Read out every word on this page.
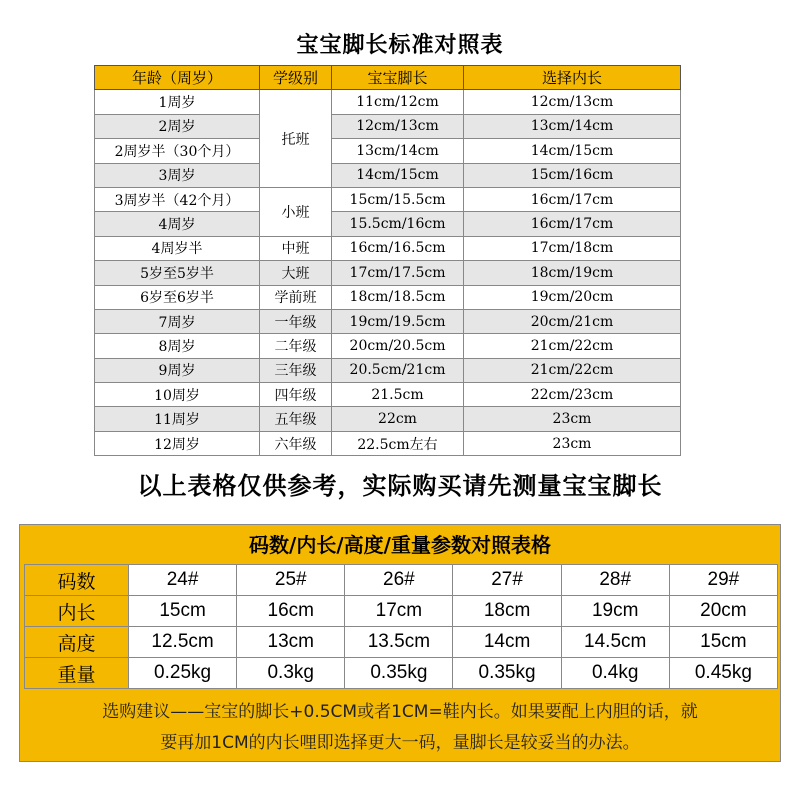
宝宝脚长标准对照表
年龄（周岁）	学级别	宝宝脚长	选择内长
1周岁	托班	11cm/12cm	12cm/13cm
2周岁		12cm/13cm	13cm/14cm
2周岁半（30个月）		13cm/14cm	14cm/15cm
3周岁		14cm/15cm	15cm/16cm
3周岁半（42个月）	小班	15cm/15.5cm	16cm/17cm
4周岁		15.5cm/16cm	16cm/17cm
4周岁半	中班	16cm/16.5cm	17cm/18cm
5岁至5岁半	大班	17cm/17.5cm	18cm/19cm
6岁至6岁半	学前班	18cm/18.5cm	19cm/20cm
7周岁	一年级	19cm/19.5cm	20cm/21cm
8周岁	二年级	20cm/20.5cm	21cm/22cm
9周岁	三年级	20.5cm/21cm	21cm/22cm
10周岁	四年级	21.5cm	22cm/23cm
11周岁	五年级	22cm	23cm
12周岁	六年级	22.5cm左右	23cm
以上表格仅供参考，实际购买请先测量宝宝脚长
码数/内长/高度/重量参数对照表格
码数	24#	25#	26#	27#	28#	29#
内长	15cm	16cm	17cm	18cm	19cm	20cm
高度	12.5cm	13cm	13.5cm	14cm	14.5cm	15cm
重量	0.25kg	0.3kg	0.35kg	0.35kg	0.4kg	0.45kg
选购建议——宝宝的脚长+0.5CM或者1CM=鞋内长。如果要配上内胆的话，就
要再加1CM的内长哩即选择更大一码，量脚长是较妥当的办法。
